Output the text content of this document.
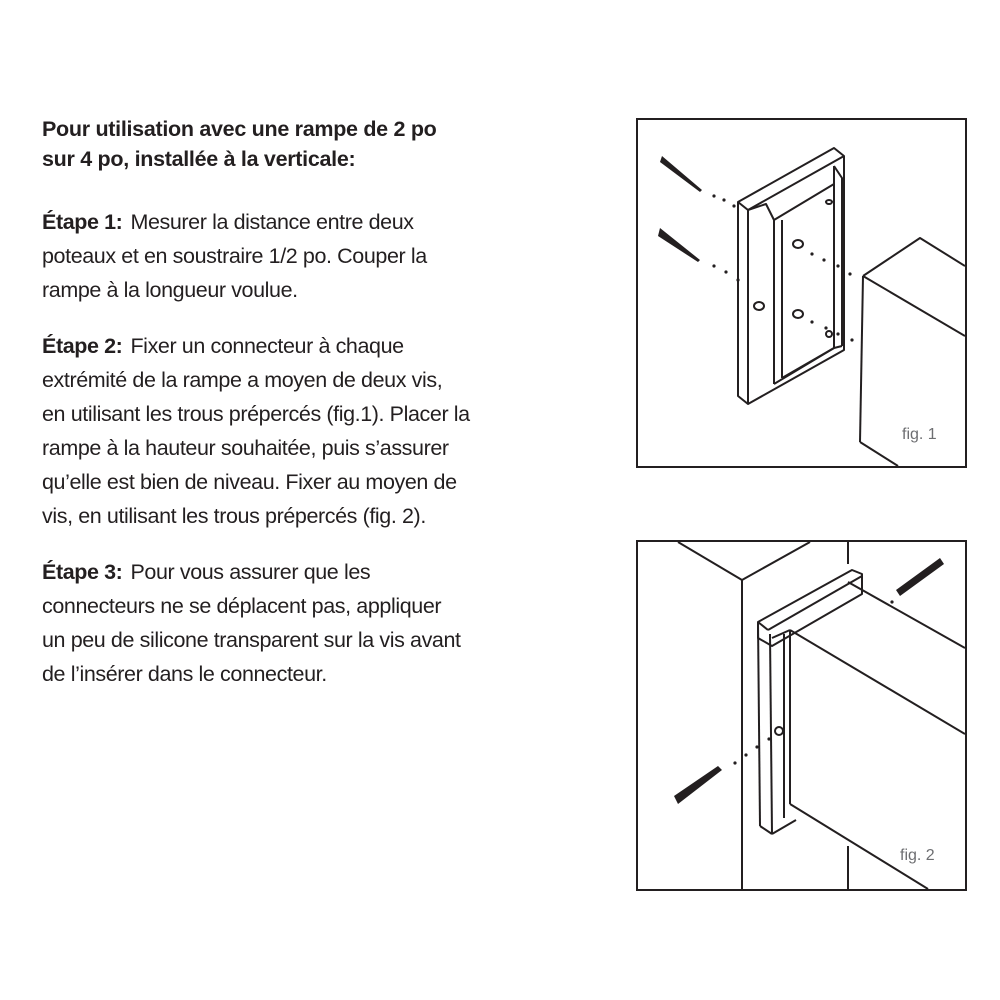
Pour utilisation avec une rampe de 2 po
sur 4 po, installée à la verticale:
Étape 1: Mesurer la distance entre deux
poteaux et en soustraire 1/2 po. Couper la
rampe à la longueur voulue.
Étape 2: Fixer un connecteur à chaque
extrémité de la rampe a moyen de deux vis,
en utilisant les trous prépercés (fig.1). Placer la
rampe à la hauteur souhaitée, puis s’assurer
qu’elle est bien de niveau. Fixer au moyen de
vis, en utilisant les trous prépercés (fig. 2).
Étape 3: Pour vous assurer que les
connecteurs ne se déplacent pas, appliquer
un peu de silicone transparent sur la vis avant
de l’insérer dans le connecteur.
fig. 1
fig. 2
